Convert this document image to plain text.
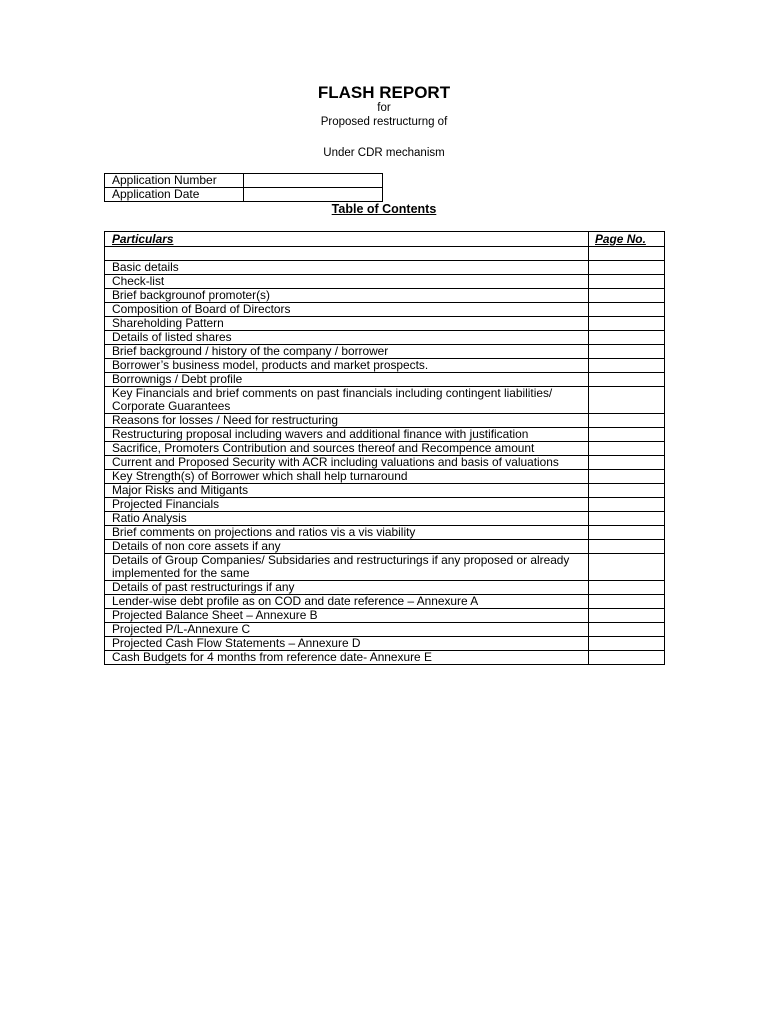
FLASH REPORT
for
Proposed restructurng of
Under CDR mechanism
Application Number	
Application Date	
Table of Contents
Particulars	Page No.

Basic details	
Check-list	
Brief backgrounof promoter(s)	
Composition of Board of Directors	
Shareholding Pattern	
Details of listed shares	
Brief background / history of the company / borrower	
Borrower’s business model, products and market prospects.	
Borrownigs / Debt profile	
Key Financials and brief comments on past financials including contingent liabilities/ Corporate Guarantees	
Reasons for losses / Need for restructuring	
Restructuring proposal including wavers and additional finance with justification	
Sacrifice, Promoters Contribution and sources thereof and Recompence amount	
Current and Proposed Security with ACR including valuations and basis of valuations	
Key Strength(s) of Borrower which shall help turnaround	
Major Risks and Mitigants	
Projected Financials	
Ratio Analysis	
Brief comments on projections and ratios vis a vis viability	
Details of non core assets if any	
Details of Group Companies/ Subsidaries and restructurings if any proposed or already implemented for the same	
Details of past restructurings if any	
Lender-wise debt profile as on COD and date reference – Annexure A	
Projected Balance Sheet – Annexure B	
Projected P/L-Annexure C	
Projected Cash Flow Statements – Annexure D	
Cash Budgets for 4 months from reference date- Annexure E	
